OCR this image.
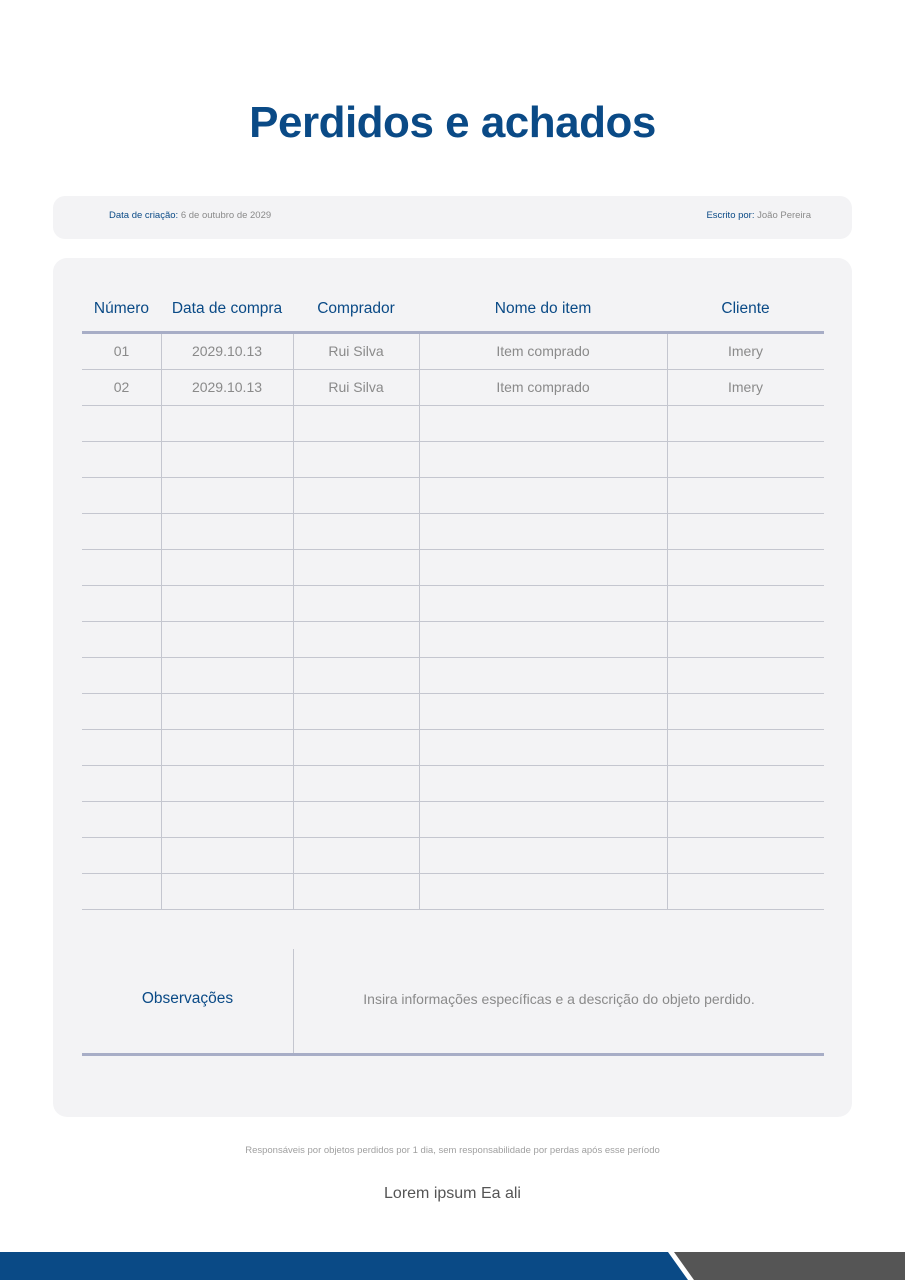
Perdidos e achados
Data de criação: 6 de outubro de 2029	Escrito por: João Pereira
Número	Data de compra	Comprador	Nome do item	Cliente
01	2029.10.13	Rui Silva	Item comprado	Imery
02	2029.10.13	Rui Silva	Item comprado	Imery
Observações	Insira informações específicas e a descrição do objeto perdido.
Responsáveis por objetos perdidos por 1 dia, sem responsabilidade por perdas após esse período
Lorem ipsum Ea ali
